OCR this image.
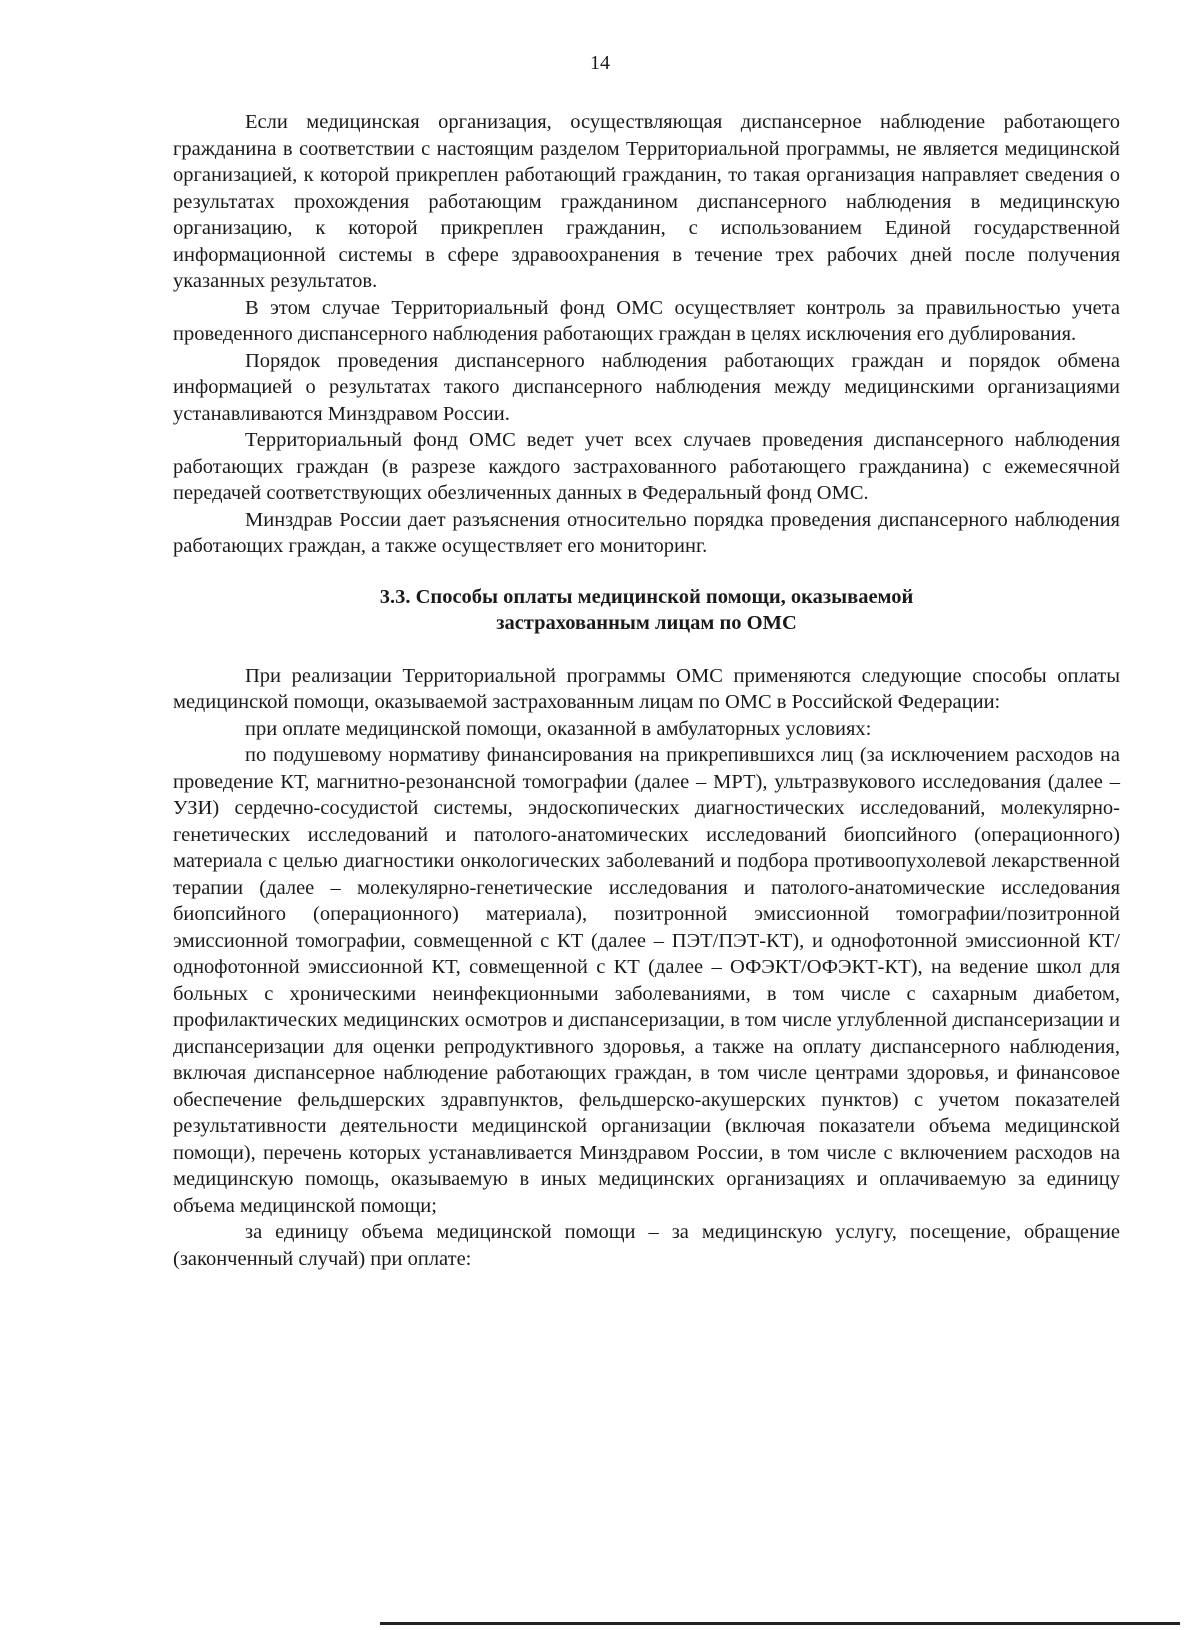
14

Если медицинская организация, осуществляющая диспансерное наблюдение работающего гражданина в соответствии с настоящим разделом Территориальной программы, не является медицинской организацией, к которой прикреплен работающий гражданин, то такая организация направляет сведения о результатах прохождения работающим гражданином диспансерного наблюдения в медицинскую организацию, к которой прикреплен гражданин, с использованием Единой государственной информационной системы в сфере здравоохранения в течение трех рабочих дней после получения указанных результатов.

В этом случае Территориальный фонд ОМС осуществляет контроль за правильностью учета проведенного диспансерного наблюдения работающих граждан в целях исключения его дублирования.

Порядок проведения диспансерного наблюдения работающих граждан и порядок обмена информацией о результатах такого диспансерного наблюдения между медицинскими организациями устанавливаются Минздравом России.

Территориальный фонд ОМС ведет учет всех случаев проведения диспансерного наблюдения работающих граждан (в разрезе каждого застрахованного работающего гражданина) с ежемесячной передачей соответствующих обезличенных данных в Федеральный фонд ОМС.

Минздрав России дает разъяснения относительно порядка проведения диспансерного наблюдения работающих граждан, а также осуществляет его мониторинг.

3.3. Способы оплаты медицинской помощи, оказываемой
застрахованным лицам по ОМС

При реализации Территориальной программы ОМС применяются следующие способы оплаты медицинской помощи, оказываемой застрахованным лицам по ОМС в Российской Федерации:

при оплате медицинской помощи, оказанной в амбулаторных условиях:

по подушевому нормативу финансирования на прикрепившихся лиц (за исключением расходов на проведение КТ, магнитно-резонансной томографии (далее – МРТ), ультразвукового исследования (далее – УЗИ) сердечно-сосудистой системы, эндоскопических диагностических исследований, молекулярно-генетических исследований и патолого-анатомических исследований биопсийного (операционного) материала с целью диагностики онкологических заболеваний и подбора противоопухолевой лекарственной терапии (далее – молекулярно-генетические исследования и патолого-анатомические исследования биопсийного (операционного) материала), позитронной эмиссионной томографии/позитронной эмиссионной томографии, совмещенной с КТ (далее – ПЭТ/ПЭТ-КТ), и однофотонной эмиссионной КТ/однофотонной эмиссионной КТ, совмещенной с КТ (далее – ОФЭКТ/ОФЭКТ-КТ), на ведение школ для больных с хроническими неинфекционными заболеваниями, в том числе с сахарным диабетом, профилактических медицинских осмотров и диспансеризации, в том числе углубленной диспансеризации и диспансеризации для оценки репродуктивного здоровья, а также на оплату диспансерного наблюдения, включая диспансерное наблюдение работающих граждан, в том числе центрами здоровья, и финансовое обеспечение фельдшерских здравпунктов, фельдшерско-акушерских пунктов) с учетом показателей результативности деятельности медицинской организации (включая показатели объема медицинской помощи), перечень которых устанавливается Минздравом России, в том числе с включением расходов на медицинскую помощь, оказываемую в иных медицинских организациях и оплачиваемую за единицу объема медицинской помощи;

за единицу объема медицинской помощи – за медицинскую услугу, посещение, обращение (законченный случай) при оплате:
